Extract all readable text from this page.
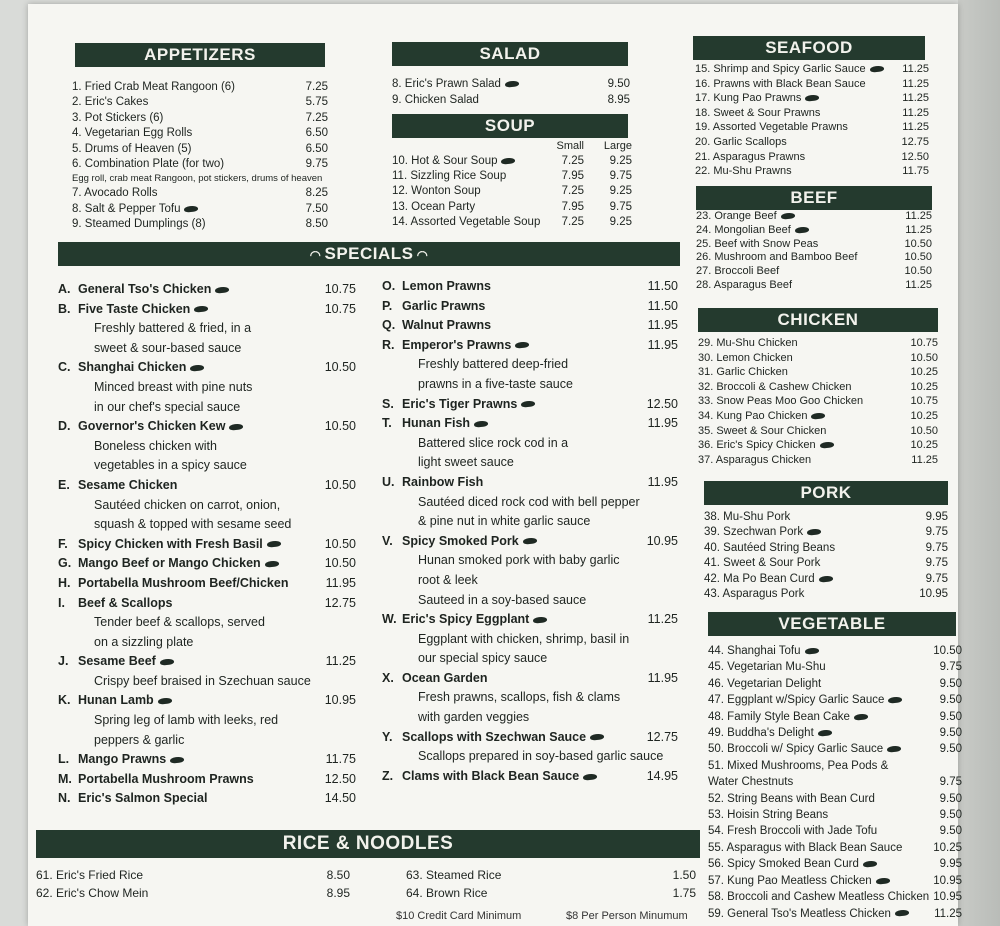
APPETIZERS
1. Fried Crab Meat Rangoon (6)	7.25
2. Eric's Cakes	5.75
3. Pot Stickers (6)	7.25
4. Vegetarian Egg Rolls	6.50
5. Drums of Heaven (5)	6.50
6. Combination Plate (for two)	9.75
Egg roll, crab meat Rangoon, pot stickers, drums of heaven
7. Avocado Rolls	8.25
8. Salt & Pepper Tofu	7.50
9. Steamed Dumplings (8)	8.50
SALAD
8. Eric's Prawn Salad	9.50
9. Chicken Salad	8.95
SOUP
Small	Large
10. Hot & Sour Soup	7.25	9.25
11. Sizzling Rice Soup	7.95	9.75
12. Wonton Soup	7.25	9.25
13. Ocean Party	7.95	9.75
14. Assorted Vegetable Soup	7.25	9.25
◜◝ SPECIALS ◜◝
A. General Tso's Chicken	10.75
B. Five Taste Chicken	10.75
Freshly battered & fried, in a
sweet & sour-based sauce
C. Shanghai Chicken	10.50
Minced breast with pine nuts
in our chef's special sauce
D. Governor's Chicken Kew	10.50
Boneless chicken with
vegetables in a spicy sauce
E. Sesame Chicken	10.50
Sautéed chicken on carrot, onion,
squash & topped with sesame seed
F. Spicy Chicken with Fresh Basil	10.50
G. Mango Beef or Mango Chicken	10.50
H. Portabella Mushroom Beef/Chicken	11.95
I. Beef & Scallops	12.75
Tender beef & scallops, served
on a sizzling plate
J. Sesame Beef	11.25
Crispy beef braised in Szechuan sauce
K. Hunan Lamb	10.95
Spring leg of lamb with leeks, red
peppers & garlic
L. Mango Prawns	11.75
M. Portabella Mushroom Prawns	12.50
N. Eric's Salmon Special	14.50
O. Lemon Prawns	11.50
P. Garlic Prawns	11.50
Q. Walnut Prawns	11.95
R. Emperor's Prawns	11.95
Freshly battered deep-fried
prawns in a five-taste sauce
S. Eric's Tiger Prawns	12.50
T. Hunan Fish	11.95
Battered slice rock cod in a
light sweet sauce
U. Rainbow Fish	11.95
Sautéed diced rock cod with bell pepper
& pine nut in white garlic sauce
V. Spicy Smoked Pork	10.95
Hunan smoked pork with baby garlic
root & leek
Sauteed in a soy-based sauce
W. Eric's Spicy Eggplant	11.25
Eggplant with chicken, shrimp, basil in
our special spicy sauce
X. Ocean Garden	11.95
Fresh prawns, scallops, fish & clams
with garden veggies
Y. Scallops with Szechwan Sauce	12.75
Scallops prepared in soy-based garlic sauce
Z. Clams with Black Bean Sauce	14.95
RICE & NOODLES
61. Eric's Fried Rice	8.50
62. Eric's Chow Mein	8.95
63. Steamed Rice	1.50
64. Brown Rice	1.75
$10 Credit Card Minimum	$8 Per Person Minumum
SEAFOOD
15. Shrimp and Spicy Garlic Sauce	11.25
16. Prawns with Black Bean Sauce	11.25
17. Kung Pao Prawns	11.25
18. Sweet & Sour Prawns	11.25
19. Assorted Vegetable Prawns	11.25
20. Garlic Scallops	12.75
21. Asparagus Prawns	12.50
22. Mu-Shu Prawns	11.75
BEEF
23. Orange Beef	11.25
24. Mongolian Beef	11.25
25. Beef with Snow Peas	10.50
26. Mushroom and Bamboo Beef	10.50
27. Broccoli Beef	10.50
28. Asparagus Beef	11.25
CHICKEN
29. Mu-Shu Chicken	10.75
30. Lemon Chicken	10.50
31. Garlic Chicken	10.25
32. Broccoli & Cashew Chicken	10.25
33. Snow Peas Moo Goo Chicken	10.75
34. Kung Pao Chicken	10.25
35. Sweet & Sour Chicken	10.50
36. Eric's Spicy Chicken	10.25
37. Asparagus Chicken	11.25
PORK
38. Mu-Shu Pork	9.95
39. Szechwan Pork	9.75
40. Sautéed String Beans	9.75
41. Sweet & Sour Pork	9.75
42. Ma Po Bean Curd	9.75
43. Asparagus Pork	10.95
VEGETABLE
44. Shanghai Tofu	10.50
45. Vegetarian Mu-Shu	9.75
46. Vegetarian Delight	9.50
47. Eggplant w/Spicy Garlic Sauce	9.50
48. Family Style Bean Cake	9.50
49. Buddha's Delight	9.50
50. Broccoli w/ Spicy Garlic Sauce	9.50
51. Mixed Mushrooms, Pea Pods &
Water Chestnuts	9.75
52. String Beans with Bean Curd	9.50
53. Hoisin String Beans	9.50
54. Fresh Broccoli with Jade Tofu	9.50
55. Asparagus with Black Bean Sauce	10.25
56. Spicy Smoked Bean Curd	9.95
57. Kung Pao Meatless Chicken	10.95
58. Broccoli and Cashew Meatless Chicken 10.95
59. General Tso's Meatless Chicken	11.25
